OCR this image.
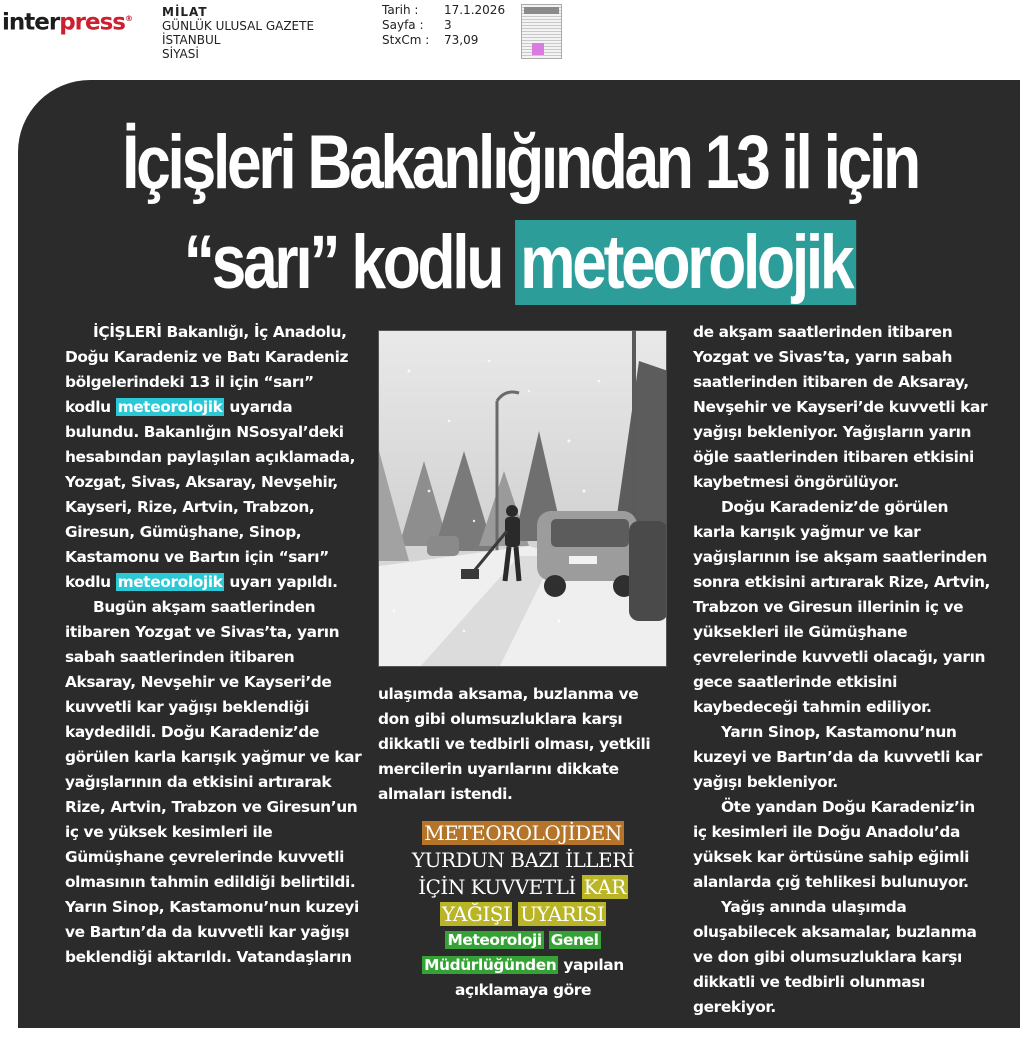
interpress®	MİLAT
GÜNLÜK ULUSAL GAZETE
İSTANBUL
SİYASİ
Tarih :	17.1.2026
Sayfa :	3
StxCm :	73,09
İçişleri Bakanlığından 13 il için
“sarı” kodlu meteorolojik

İÇİŞLERİ Bakanlığı, İç Anadolu, Doğu Karadeniz ve Batı Karadeniz bölgelerindeki 13 il için “sarı” kodlu meteorolojik uyarıda bulundu. Bakanlığın NSosyal’deki hesabından paylaşılan açıklamada, Yozgat, Sivas, Aksaray, Nevşehir, Kayseri, Rize, Artvin, Trabzon, Giresun, Gümüşhane, Sinop, Kastamonu ve Bartın için “sarı” kodlu meteorolojik uyarı yapıldı.

Bugün akşam saatlerinden itibaren Yozgat ve Sivas’ta, yarın sabah saatlerinden itibaren Aksaray, Nevşehir ve Kayseri’de kuvvetli kar yağışı beklendiği kaydedildi. Doğu Karadeniz’de görülen karla karışık yağmur ve kar yağışlarının da etkisini artırarak Rize, Artvin, Trabzon ve Giresun’un iç ve yüksek kesimleri ile Gümüşhane çevrelerinde kuvvetli olmasının tahmin edildiği belirtildi. Yarın Sinop, Kastamonu’nun kuzeyi ve Bartın’da da kuvvetli kar yağışı beklendiği aktarıldı. Vatandaşların

ulaşımda aksama, buzlanma ve don gibi olumsuzluklara karşı dikkatli ve tedbirli olması, yetkili mercilerin uyarılarını dikkate almaları istendi.

METEOROLOJİDEN
YURDUN BAZI İLLERİ
İÇİN KUVVETLİ KAR
YAĞIŞI UYARISI
Meteoroloji Genel Müdürlüğünden yapılan açıklamaya göre

de akşam saatlerinden itibaren Yozgat ve Sivas’ta, yarın sabah saatlerinden itibaren de Aksaray, Nevşehir ve Kayseri’de kuvvetli kar yağışı bekleniyor. Yağışların yarın öğle saatlerinden itibaren etkisini kaybetmesi öngörülüyor.

Doğu Karadeniz’de görülen karla karışık yağmur ve kar yağışlarının ise akşam saatlerinden sonra etkisini artırarak Rize, Artvin, Trabzon ve Giresun illerinin iç ve yüksekleri ile Gümüşhane çevrelerinde kuvvetli olacağı, yarın gece saatlerinde etkisini kaybedeceği tahmin ediliyor.

Yarın Sinop, Kastamonu’nun kuzeyi ve Bartın’da da kuvvetli kar yağışı bekleniyor.

Öte yandan Doğu Karadeniz’in iç kesimleri ile Doğu Anadolu’da yüksek kar örtüsüne sahip eğimli alanlarda çığ tehlikesi bulunuyor.

Yağış anında ulaşımda oluşabilecek aksamalar, buzlanma ve don gibi olumsuzluklara karşı dikkatli ve tedbirli olunması gerekiyor.
